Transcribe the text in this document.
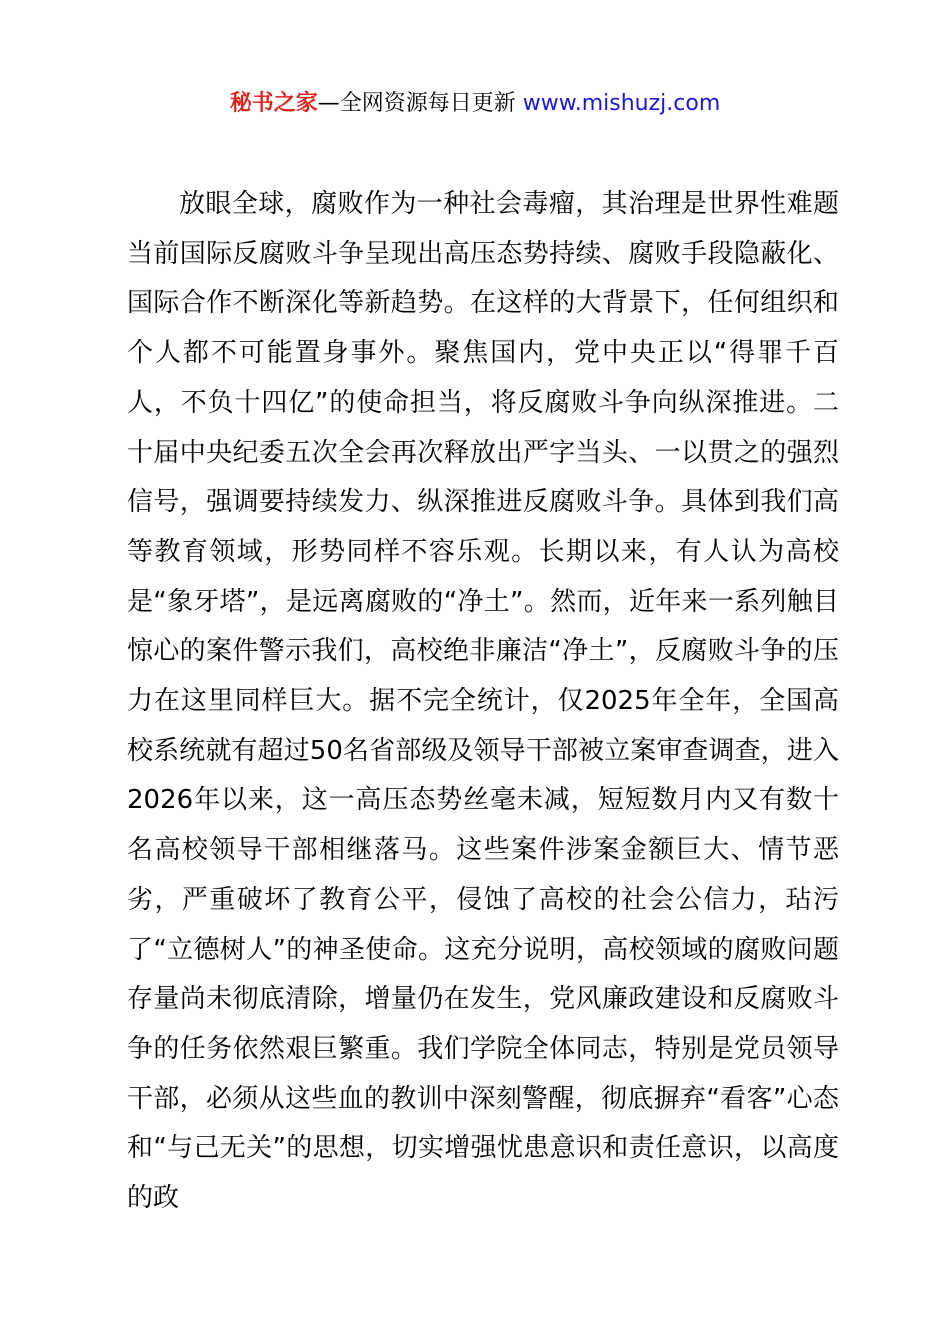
秘书之家—全网资源每日更新 www.mishuzj.com

放眼全球，腐败作为一种社会毒瘤，其治理是世界性难题当前国际反腐败斗争呈现出高压态势持续、腐败手段隐蔽化、国际合作不断深化等新趋势。在这样的大背景下，任何组织和个人都不可能置身事外。聚焦国内，党中央正以“得罪千百人，不负十四亿”的使命担当，将反腐败斗争向纵深推进。二十届中央纪委五次全会再次释放出严字当头、一以贯之的强烈信号，强调要持续发力、纵深推进反腐败斗争。具体到我们高等教育领域，形势同样不容乐观。长期以来，有人认为高校是“象牙塔”，是远离腐败的“净土”。然而，近年来一系列触目惊心的案件警示我们，高校绝非廉洁“净土”，反腐败斗争的压力在这里同样巨大。据不完全统计，仅2025年全年，全国高校系统就有超过50名省部级及领导干部被立案审查调查，进入2026年以来，这一高压态势丝毫未减，短短数月内又有数十名高校领导干部相继落马。这些案件涉案金额巨大、情节恶劣，严重破坏了教育公平，侵蚀了高校的社会公信力，玷污了“立德树人”的神圣使命。这充分说明，高校领域的腐败问题存量尚未彻底清除，增量仍在发生，党风廉政建设和反腐败斗争的任务依然艰巨繁重。我们学院全体同志，特别是党员领导干部，必须从这些血的教训中深刻警醒，彻底摒弃“看客”心态和“与己无关”的思想，切实增强忧患意识和责任意识，以高度的政
